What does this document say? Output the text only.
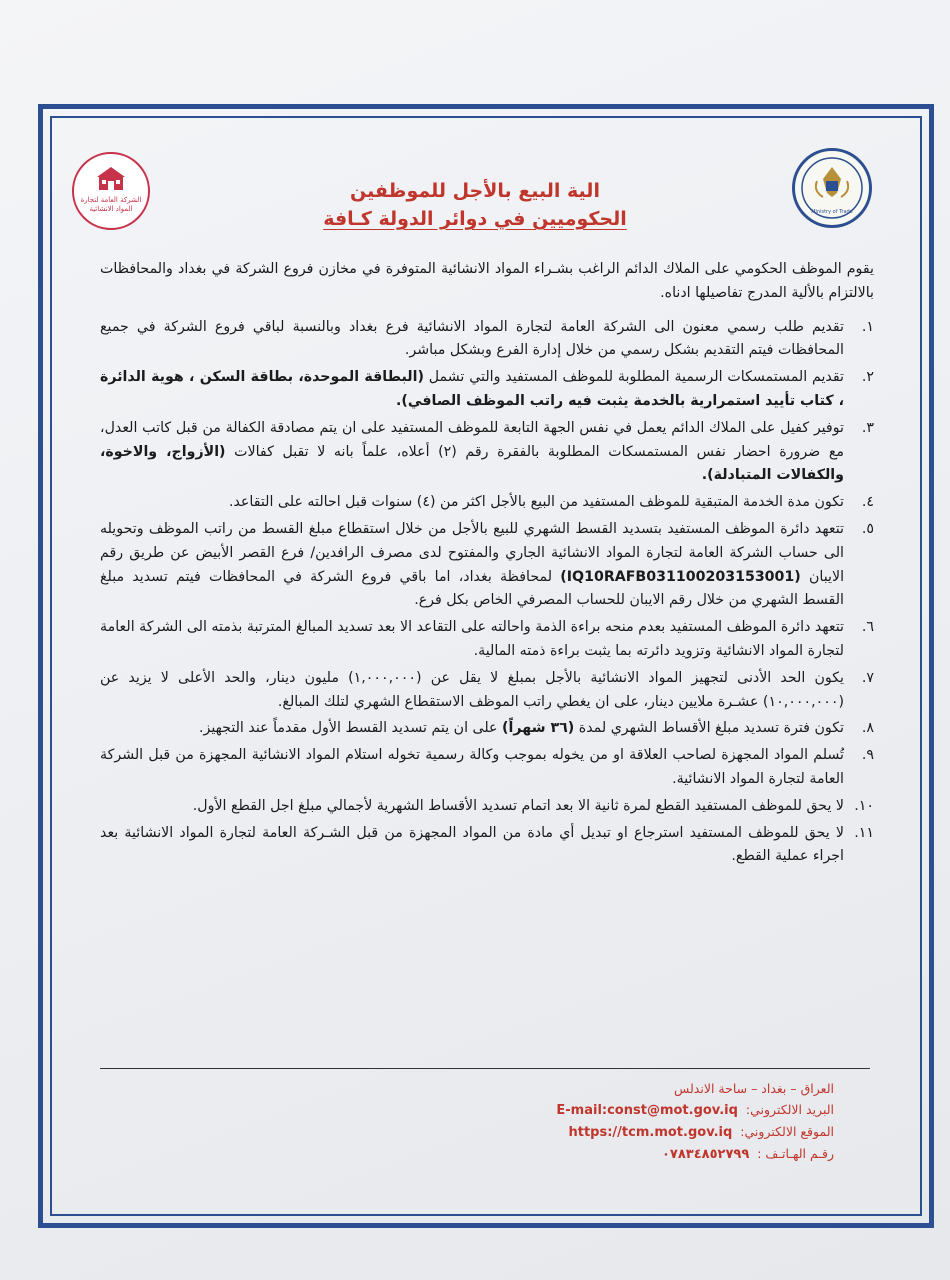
الشركة العامة لتجارة المواد الانشائية	Ministry of Trade
الية البيع بالأجل للموظفين
الحكوميين في دوائر الدولة كـافة

يقوم الموظف الحكومي على الملاك الدائم الراغب بشـراء المواد الانشائية المتوفرة في مخازن فروع الشركة في بغداد والمحافظات بالالتزام بالألية المدرج تفاصيلها ادناه.

١.
تقديم طلب رسمي معنون الى الشركة العامة لتجارة المواد الانشائية فرع بغداد وبالنسبة لباقي فروع الشركة في جميع المحافظات فيتم التقديم بشكل رسمي من خلال إدارة الفرع وبشكل مباشر.
٢.
تقديم المستمسكات الرسمية المطلوبة للموظف المستفيد والتي تشمل (البطاقة الموحدة، بطاقة السكن ، هوية الدائرة ، كتاب تأييد استمرارية بالخدمة يثبت فيه راتب الموظف الصافي).
٣.
توفير كفيل على الملاك الدائم يعمل في نفس الجهة التابعة للموظف المستفيد على ان يتم مصادقة الكفالة من قبل كاتب العدل، مع ضرورة احضار نفس المستمسكات المطلوبة بالفقرة رقم (٢) أعلاه، علماً بانه لا تقبل كفالات (الأزواج، والاخوة، والكفالات المتبادلة).
٤.
تكون مدة الخدمة المتبقية للموظف المستفيد من البيع بالأجل اكثر من (٤) سنوات قبل احالته على التقاعد.
٥.
تتعهد دائرة الموظف المستفيد بتسديد القسط الشهري للبيع بالأجل من خلال استقطاع مبلغ القسط من راتب الموظف وتحويله الى حساب الشركة العامة لتجارة المواد الانشائية الجاري والمفتوح لدى مصرف الرافدين/ فرع القصر الأبيض عن طريق رقم الايبان (IQ10RAFB031100203153001) لمحافظة بغداد، اما باقي فروع الشركة في المحافظات فيتم تسديد مبلغ القسط الشهري من خلال رقم الايبان للحساب المصرفي الخاص بكل فرع.
٦.
تتعهد دائرة الموظف المستفيد بعدم منحه براءة الذمة واحالته على التقاعد الا بعد تسديد المبالغ المترتبة بذمته الى الشركة العامة لتجارة المواد الانشائية وتزويد دائرته بما يثبت براءة ذمته المالية.
٧.
يكون الحد الأدنى لتجهيز المواد الانشائية بالأجل بمبلغ لا يقل عن (١,٠٠٠,٠٠٠) مليون دينار، والحد الأعلى لا يزيد عن (١٠,٠٠٠,٠٠٠) عشـرة ملايين دينار، على ان يغطي راتب الموظف الاستقطاع الشهري لتلك المبالغ.
٨.
تكون فترة تسديد مبلغ الأقساط الشهري لمدة (٣٦ شهراً) على ان يتم تسديد القسط الأول مقدماً عند التجهيز.
٩.
تُسلم المواد المجهزة لصاحب العلاقة او من يخوله بموجب وكالة رسمية تخوله استلام المواد الانشائية المجهزة من قبل الشركة العامة لتجارة المواد الانشائية.
١٠.
لا يحق للموظف المستفيد القطع لمرة ثانية الا بعد اتمام تسديد الأقساط الشهرية لأجمالي مبلغ اجل القطع الأول.
١١.
لا يحق للموظف المستفيد استرجاع او تبديل أي مادة من المواد المجهزة من قبل الشـركة العامة لتجارة المواد الانشائية بعد اجراء عملية القطع.
العراق – بغداد – ساحة الاندلس
البريد الالكتروني: E-mail:const@mot.gov.iq
الموقع الالكتروني: https://tcm.mot.gov.iq
رقـم الهـاتـف : ٠٧٨٣٤٨٥٢٧٩٩
